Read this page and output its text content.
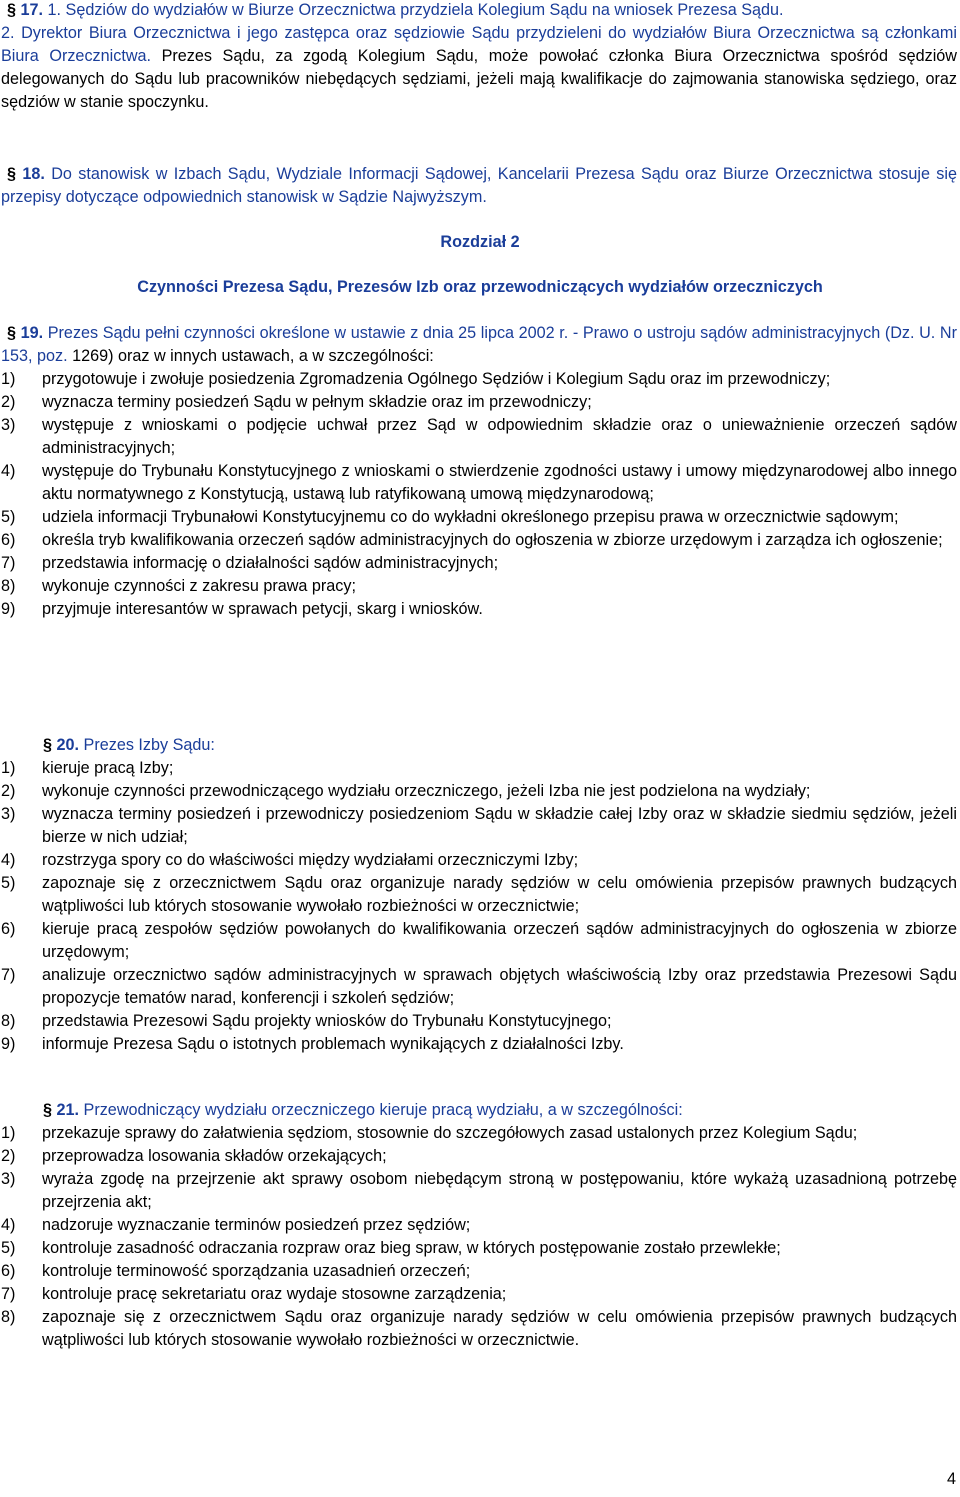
§ 17. 1. Sędziów do wydziałów w Biurze Orzecznictwa przydziela Kolegium Sądu na wniosek Prezesa Sądu.
2. Dyrektor Biura Orzecznictwa i jego zastępca oraz sędziowie Sądu przydzieleni do wydziałów Biura Orzecznictwa są członkami Biura Orzecznictwa. Prezes Sądu, za zgodą Kolegium Sądu, może powołać członka Biura Orzecznictwa spośród sędziów delegowanych do Sądu lub pracowników niebędących sędziami, jeżeli mają kwalifikacje do zajmowania stanowiska sędziego, oraz sędziów w stanie spoczynku.
§ 18. Do stanowisk w Izbach Sądu, Wydziale Informacji Sądowej, Kancelarii Prezesa Sądu oraz Biurze Orzecznictwa stosuje się przepisy dotyczące odpowiednich stanowisk w Sądzie Najwyższym.
Rozdział 2
Czynności Prezesa Sądu, Prezesów Izb oraz przewodniczących wydziałów orzeczniczych
§ 19. Prezes Sądu pełni czynności określone w ustawie z dnia 25 lipca 2002 r. - Prawo o ustroju sądów administracyjnych (Dz. U. Nr 153, poz. 1269) oraz w innych ustawach, a w szczególności:
1) przygotowuje i zwołuje posiedzenia Zgromadzenia Ogólnego Sędziów i Kolegium Sądu oraz im przewodniczy;
2) wyznacza terminy posiedzeń Sądu w pełnym składzie oraz im przewodniczy;
3) występuje z wnioskami o podjęcie uchwał przez Sąd w odpowiednim składzie oraz o unieważnienie orzeczeń sądów administracyjnych;
4) występuje do Trybunału Konstytucyjnego z wnioskami o stwierdzenie zgodności ustawy i umowy międzynarodowej albo innego aktu normatywnego z Konstytucją, ustawą lub ratyfikowaną umową międzynarodową;
5) udziela informacji Trybunałowi Konstytucyjnemu co do wykładni określonego przepisu prawa w orzecznictwie sądowym;
6) określa tryb kwalifikowania orzeczeń sądów administracyjnych do ogłoszenia w zbiorze urzędowym i zarządza ich ogłoszenie;
7) przedstawia informację o działalności sądów administracyjnych;
8) wykonuje czynności z zakresu prawa pracy;
9) przyjmuje interesantów w sprawach petycji, skarg i wniosków.
§ 20. Prezes Izby Sądu:
1) kieruje pracą Izby;
2) wykonuje czynności przewodniczącego wydziału orzeczniczego, jeżeli Izba nie jest podzielona na wydziały;
3) wyznacza terminy posiedzeń i przewodniczy posiedzeniom Sądu w składzie całej Izby oraz w składzie siedmiu sędziów, jeżeli bierze w nich udział;
4) rozstrzyga spory co do właściwości między wydziałami orzeczniczymi Izby;
5) zapoznaje się z orzecznictwem Sądu oraz organizuje narady sędziów w celu omówienia przepisów prawnych budzących wątpliwości lub których stosowanie wywołało rozbieżności w orzecznictwie;
6) kieruje pracą zespołów sędziów powołanych do kwalifikowania orzeczeń sądów administracyjnych do ogłoszenia w zbiorze urzędowym;
7) analizuje orzecznictwo sądów administracyjnych w sprawach objętych właściwością Izby oraz przedstawia Prezesowi Sądu propozycje tematów narad, konferencji i szkoleń sędziów;
8) przedstawia Prezesowi Sądu projekty wniosków do Trybunału Konstytucyjnego;
9) informuje Prezesa Sądu o istotnych problemach wynikających z działalności Izby.
§ 21. Przewodniczący wydziału orzeczniczego kieruje pracą wydziału, a w szczególności:
1) przekazuje sprawy do załatwienia sędziom, stosownie do szczegółowych zasad ustalonych przez Kolegium Sądu;
2) przeprowadza losowania składów orzekających;
3) wyraża zgodę na przejrzenie akt sprawy osobom niebędącym stroną w postępowaniu, które wykażą uzasadnioną potrzebę przejrzenia akt;
4) nadzoruje wyznaczanie terminów posiedzeń przez sędziów;
5) kontroluje zasadność odraczania rozpraw oraz bieg spraw, w których postępowanie zostało przewlekłe;
6) kontroluje terminowość sporządzania uzasadnień orzeczeń;
7) kontroluje pracę sekretariatu oraz wydaje stosowne zarządzenia;
8) zapoznaje się z orzecznictwem Sądu oraz organizuje narady sędziów w celu omówienia przepisów prawnych budzących wątpliwości lub których stosowanie wywołało rozbieżności w orzecznictwie.
4
